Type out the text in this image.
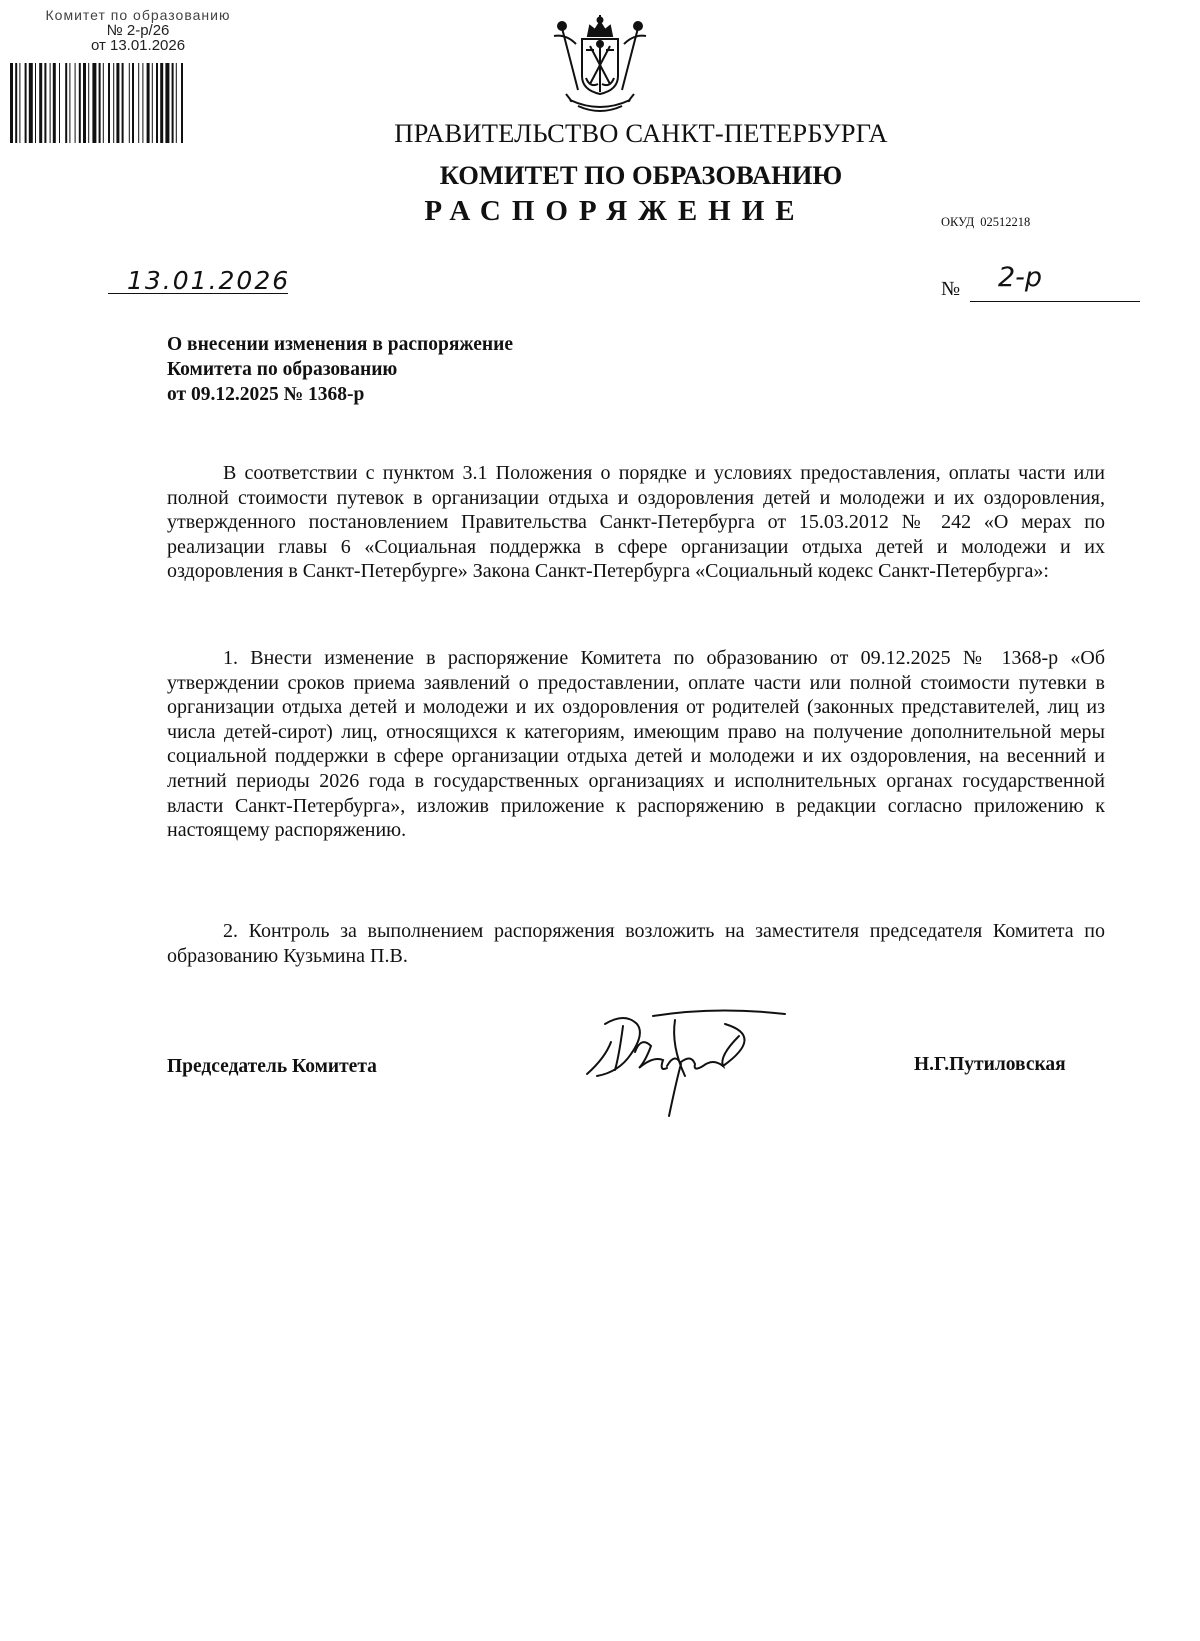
Комитет по образованию
№ 2-р/26
от 13.01.2026
ПРАВИТЕЛЬСТВО САНКТ-ПЕТЕРБУРГА
КОМИТЕТ ПО ОБРАЗОВАНИЮ
РАСПОРЯЖЕНИЕ	ОКУД 02512218
13.01.2026	№ 2-р
О внесении изменения в распоряжение
Комитета по образованию
от 09.12.2025 № 1368-р
В соответствии с пунктом 3.1 Положения о порядке и условиях предоставления, оплаты части или полной стоимости путевок в организации отдыха и оздоровления детей и молодежи и их оздоровления, утвержденного постановлением Правительства Санкт-Петербурга от 15.03.2012 № 242 «О мерах по реализации главы 6 «Социальная поддержка в сфере организации отдыха детей и молодежи и их оздоровления в Санкт-Петербурге» Закона Санкт-Петербурга «Социальный кодекс Санкт-Петербурга»:
1. Внести изменение в распоряжение Комитета по образованию от 09.12.2025 № 1368-р «Об утверждении сроков приема заявлений о предоставлении, оплате части или полной стоимости путевки в организации отдыха детей и молодежи и их оздоровления от родителей (законных представителей, лиц из числа детей-сирот) лиц, относящихся к категориям, имеющим право на получение дополнительной меры социальной поддержки в сфере организации отдыха детей и молодежи и их оздоровления, на весенний и летний периоды 2026 года в государственных организациях и исполнительных органах государственной власти Санкт-Петербурга», изложив приложение к распоряжению в редакции согласно приложению к настоящему распоряжению.
2. Контроль за выполнением распоряжения возложить на заместителя председателя Комитета по образованию Кузьмина П.В.
Председатель Комитета	Н.Г.Путиловская
